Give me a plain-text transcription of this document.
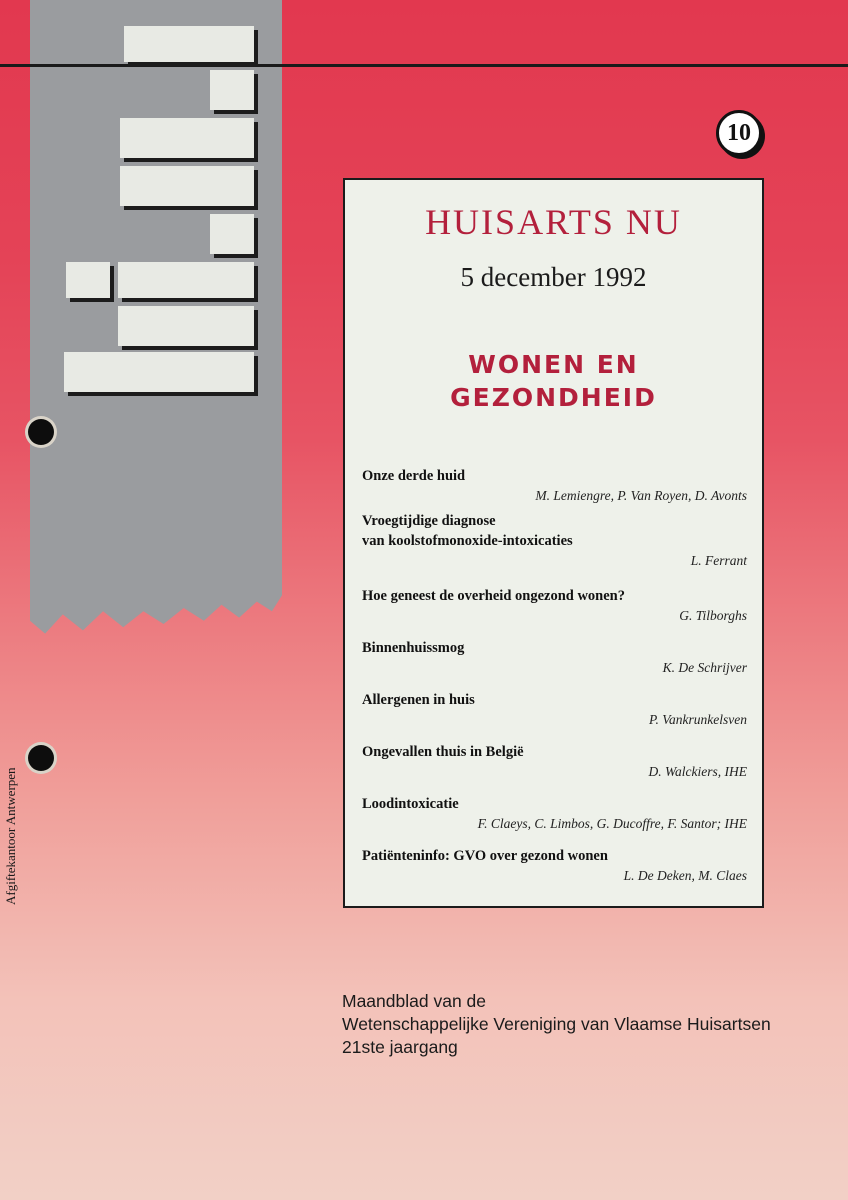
10
Afgiftekantoor Antwerpen
HUISARTS NU
5 december 1992
WONEN EN
GEZONDHEID
Onze derde huid
M. Lemiengre, P. Van Royen, D. Avonts
Vroegtijdige diagnose
van koolstofmonoxide-intoxicaties
L. Ferrant
Hoe geneest de overheid ongezond wonen?
G. Tilborghs
Binnenhuissmog
K. De Schrijver
Allergenen in huis
P. Vankrunkelsven
Ongevallen thuis in België
D. Walckiers, IHE
Loodintoxicatie
F. Claeys, C. Limbos, G. Ducoffre, F. Santor; IHE
Patiënteninfo: GVO over gezond wonen
L. De Deken, M. Claes
Maandblad van de
Wetenschappelijke Vereniging van Vlaamse Huisartsen
21ste jaargang
